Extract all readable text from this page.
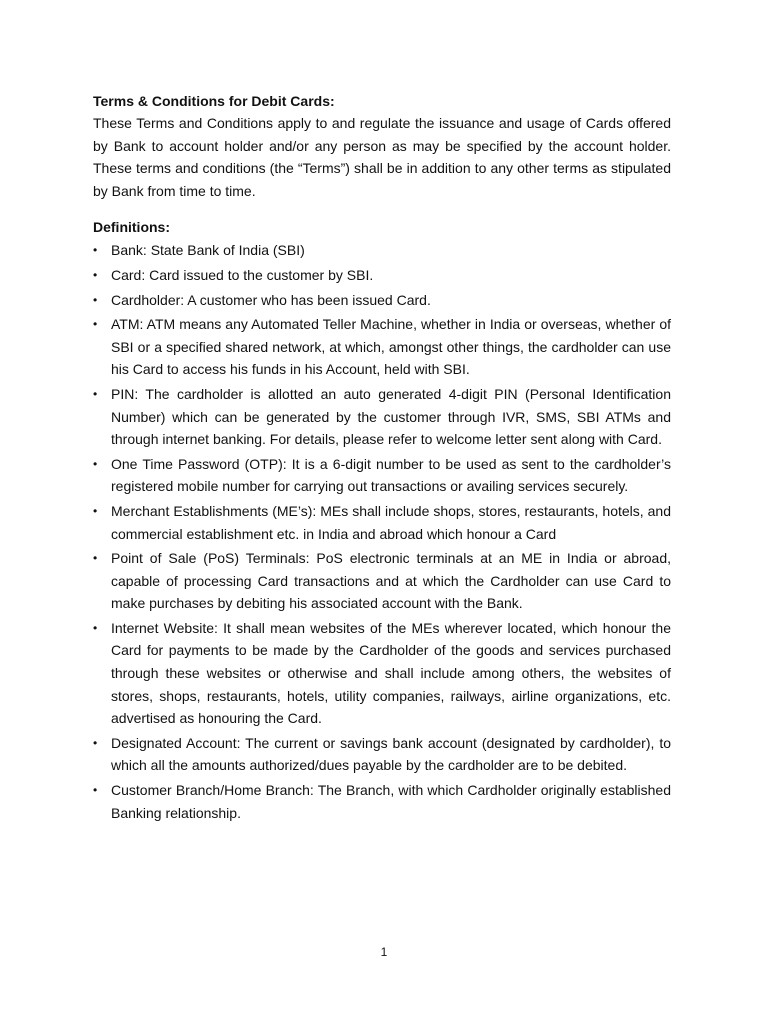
Terms & Conditions for Debit Cards:

These Terms and Conditions apply to and regulate the issuance and usage of Cards offered by Bank to account holder and/or any person as may be specified by the account holder. These terms and conditions (the “Terms”) shall be in addition to any other terms as stipulated by Bank from time to time.

Definitions:

• Bank: State Bank of India (SBI)
• Card: Card issued to the customer by SBI.
• Cardholder: A customer who has been issued Card.
• ATM: ATM means any Automated Teller Machine, whether in India or overseas, whether of SBI or a specified shared network, at which, amongst other things, the cardholder can use his Card to access his funds in his Account, held with SBI.
• PIN: The cardholder is allotted an auto generated 4-digit PIN (Personal Identification Number) which can be generated by the customer through IVR, SMS, SBI ATMs and through internet banking. For details, please refer to welcome letter sent along with Card.
• One Time Password (OTP): It is a 6-digit number to be used as sent to the cardholder’s registered mobile number for carrying out transactions or availing services securely.
• Merchant Establishments (ME’s): MEs shall include shops, stores, restaurants, hotels, and commercial establishment etc. in India and abroad which honour a Card
• Point of Sale (PoS) Terminals: PoS electronic terminals at an ME in India or abroad, capable of processing Card transactions and at which the Cardholder can use Card to make purchases by debiting his associated account with the Bank.
• Internet Website: It shall mean websites of the MEs wherever located, which honour the Card for payments to be made by the Cardholder of the goods and services purchased through these websites or otherwise and shall include among others, the websites of stores, shops, restaurants, hotels, utility companies, railways, airline organizations, etc. advertised as honouring the Card.
• Designated Account: The current or savings bank account (designated by cardholder), to which all the amounts authorized/dues payable by the cardholder are to be debited.
• Customer Branch/Home Branch: The Branch, with which Cardholder originally established Banking relationship.
1
